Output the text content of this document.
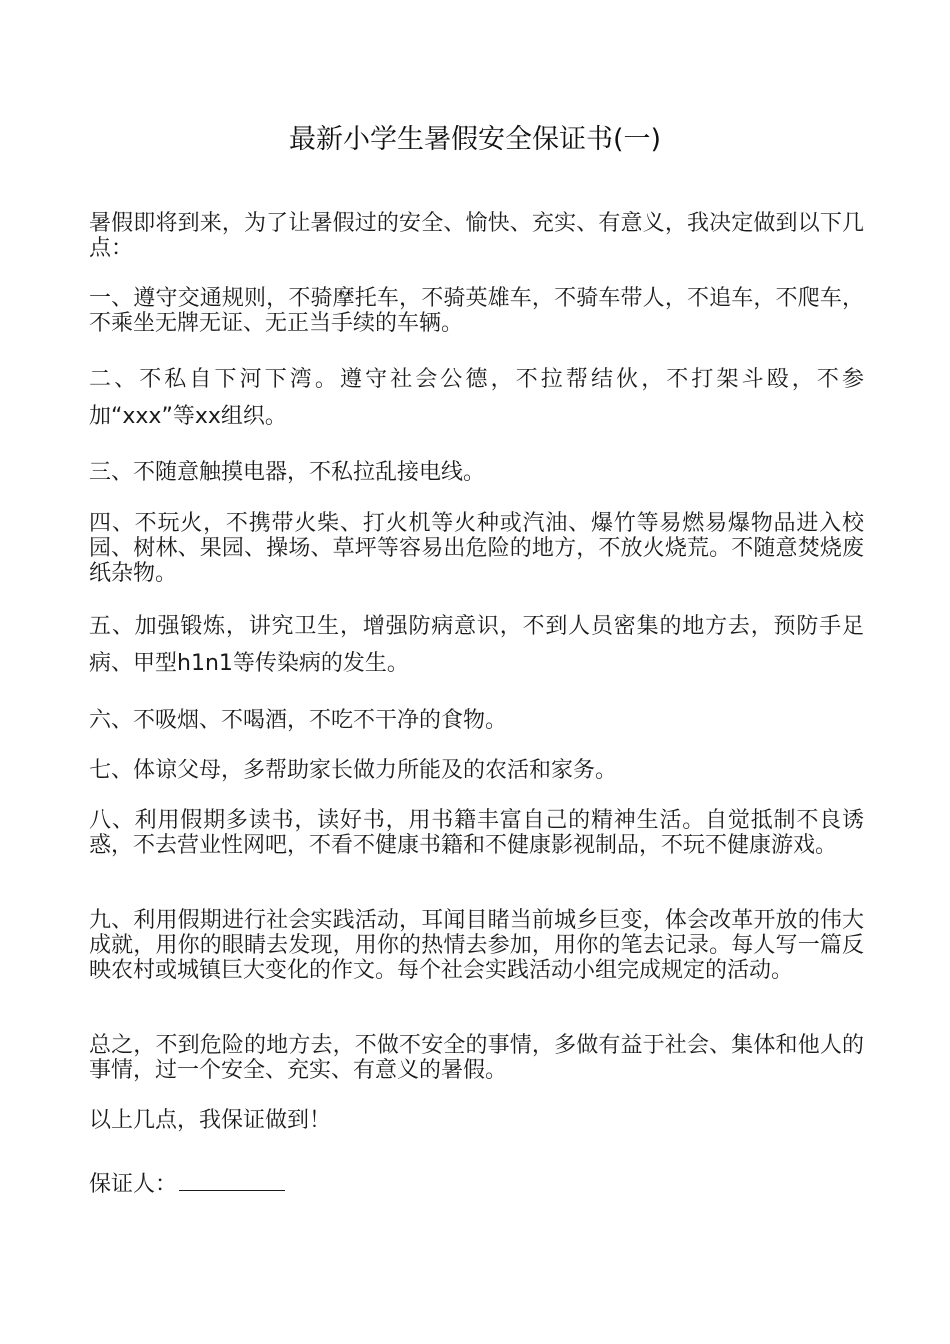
最新小学生暑假安全保证书(一)

暑假即将到来，为了让暑假过的安全、愉快、充实、有意义，我决定做到以下几点：

一、遵守交通规则，不骑摩托车，不骑英雄车，不骑车带人，不追车，不爬车，不乘坐无牌无证、无正当手续的车辆。

二、不私自下河下湾。遵守社会公德，不拉帮结伙，不打架斗殴，不参加“xxx”等xx组织。

三、不随意触摸电器，不私拉乱接电线。

四、不玩火，不携带火柴、打火机等火种或汽油、爆竹等易燃易爆物品进入校园、树林、果园、操场、草坪等容易出危险的地方，不放火烧荒。不随意焚烧废纸杂物。

五、加强锻炼，讲究卫生，增强防病意识，不到人员密集的地方去，预防手足病、甲型h1n1等传染病的发生。

六、不吸烟、不喝酒，不吃不干净的食物。

七、体谅父母，多帮助家长做力所能及的农活和家务。

八、利用假期多读书，读好书，用书籍丰富自己的精神生活。自觉抵制不良诱惑，不去营业性网吧，不看不健康书籍和不健康影视制品，不玩不健康游戏。

九、利用假期进行社会实践活动，耳闻目睹当前城乡巨变，体会改革开放的伟大成就，用你的眼睛去发现，用你的热情去参加，用你的笔去记录。每人写一篇反映农村或城镇巨大变化的作文。每个社会实践活动小组完成规定的活动。

总之，不到危险的地方去，不做不安全的事情，多做有益于社会、集体和他人的事情，过一个安全、充实、有意义的暑假。

以上几点，我保证做到！

保证人：
